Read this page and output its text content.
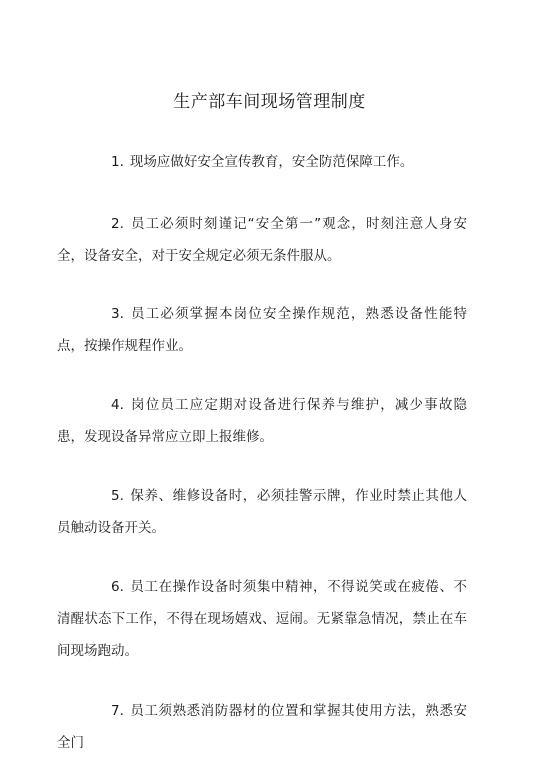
生产部车间现场管理制度

1. 现场应做好安全宣传教育，安全防范保障工作。

2. 员工必须时刻谨记“安全第一”观念，时刻注意人身安全，设备安全，对于安全规定必须无条件服从。

3. 员工必须掌握本岗位安全操作规范，熟悉设备性能特点，按操作规程作业。

4. 岗位员工应定期对设备进行保养与维护，减少事故隐患，发现设备异常应立即上报维修。

5. 保养、维修设备时，必须挂警示牌，作业时禁止其他人员触动设备开关。

6. 员工在操作设备时须集中精神，不得说笑或在疲倦、不清醒状态下工作，不得在现场嬉戏、逗闹。无紧靠急情况，禁止在车间现场跑动。

7. 员工须熟悉消防器材的位置和掌握其使用方法，熟悉安全门
